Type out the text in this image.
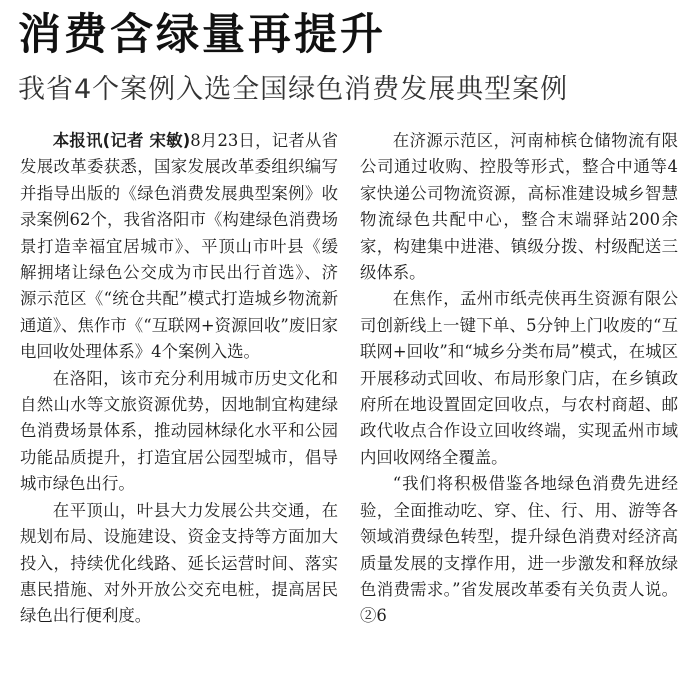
消费含绿量再提升
我省4个案例入选全国绿色消费发展典型案例

本报讯(记者 宋敏)8月23日，记者从省发展改革委获悉，国家发展改革委组织编写并指导出版的《绿色消费发展典型案例》收录案例62个，我省洛阳市《构建绿色消费场景打造幸福宜居城市》、平顶山市叶县《缓解拥堵让绿色公交成为市民出行首选》、济源示范区《“统仓共配”模式打造城乡物流新通道》、焦作市《“互联网+资源回收”废旧家电回收处理体系》4个案例入选。

在洛阳，该市充分利用城市历史文化和自然山水等文旅资源优势，因地制宜构建绿色消费场景体系，推动园林绿化水平和公园功能品质提升，打造宜居公园型城市，倡导城市绿色出行。

在平顶山，叶县大力发展公共交通，在规划布局、设施建设、资金支持等方面加大投入，持续优化线路、延长运营时间、落实惠民措施、对外开放公交充电桩，提高居民绿色出行便利度。

在济源示范区，河南柿槟仓储物流有限公司通过收购、控股等形式，整合中通等4家快递公司物流资源，高标准建设城乡智慧物流绿色共配中心，整合末端驿站200余家，构建集中进港、镇级分拨、村级配送三级体系。

在焦作，孟州市纸壳侠再生资源有限公司创新线上一键下单、5分钟上门收废的“互联网+回收”和“城乡分类布局”模式，在城区开展移动式回收、布局形象门店，在乡镇政府所在地设置固定回收点，与农村商超、邮政代收点合作设立回收终端，实现孟州市域内回收网络全覆盖。

“我们将积极借鉴各地绿色消费先进经验，全面推动吃、穿、住、行、用、游等各领域消费绿色转型，提升绿色消费对经济高质量发展的支撑作用，进一步激发和释放绿色消费需求。”省发展改革委有关负责人说。②6
